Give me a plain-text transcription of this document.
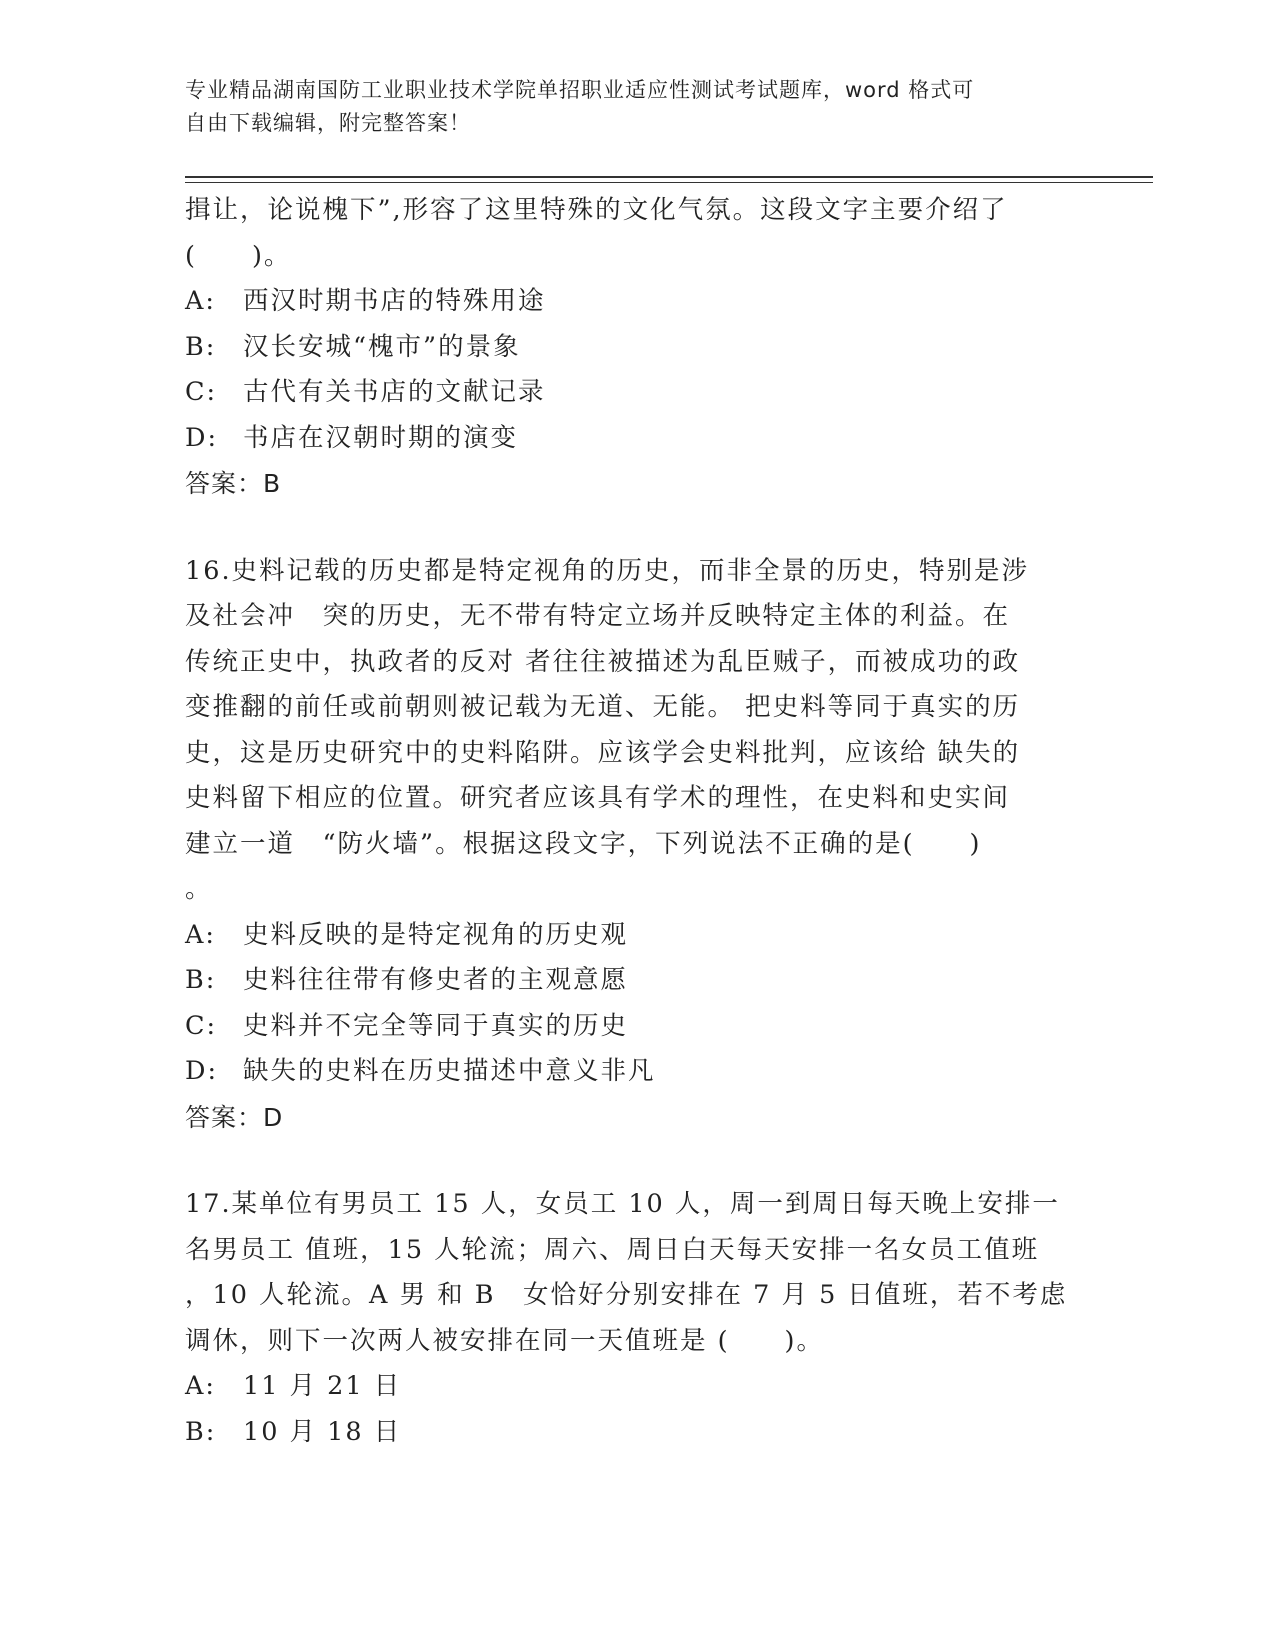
专业精品湖南国防工业职业技术学院单招职业适应性测试考试题库，word 格式可
自由下载编辑，附完整答案！
揖让，论说槐下”,形容了这里特殊的文化气氛。这段文字主要介绍了
(　　)。
A: 西汉时期书店的特殊用途
B: 汉长安城“槐市”的景象
C: 古代有关书店的文献记录
D: 书店在汉朝时期的演变
答案：B
16.史料记载的历史都是特定视角的历史，而非全景的历史，特别是涉
及社会冲　突的历史，无不带有特定立场并反映特定主体的利益。在
传统正史中，执政者的反对 者往往被描述为乱臣贼子，而被成功的政
变推翻的前任或前朝则被记载为无道、无能。 把史料等同于真实的历
史，这是历史研究中的史料陷阱。应该学会史料批判，应该给 缺失的
史料留下相应的位置。研究者应该具有学术的理性，在史料和史实间
建立一道　“防火墙”。根据这段文字，下列说法不正确的是(　　)
。
A: 史料反映的是特定视角的历史观
B: 史料往往带有修史者的主观意愿
C: 史料并不完全等同于真实的历史
D: 缺失的史料在历史描述中意义非凡
答案：D
17.某单位有男员工 15 人，女员工 10 人，周一到周日每天晚上安排一
名男员工 值班，15 人轮流；周六、周日白天每天安排一名女员工值班
，10 人轮流。A 男 和 B　女恰好分别安排在 7 月 5 日值班，若不考虑
调休，则下一次两人被安排在同一天值班是 (　　)。
A: 11 月 21 日
B: 10 月 18 日
